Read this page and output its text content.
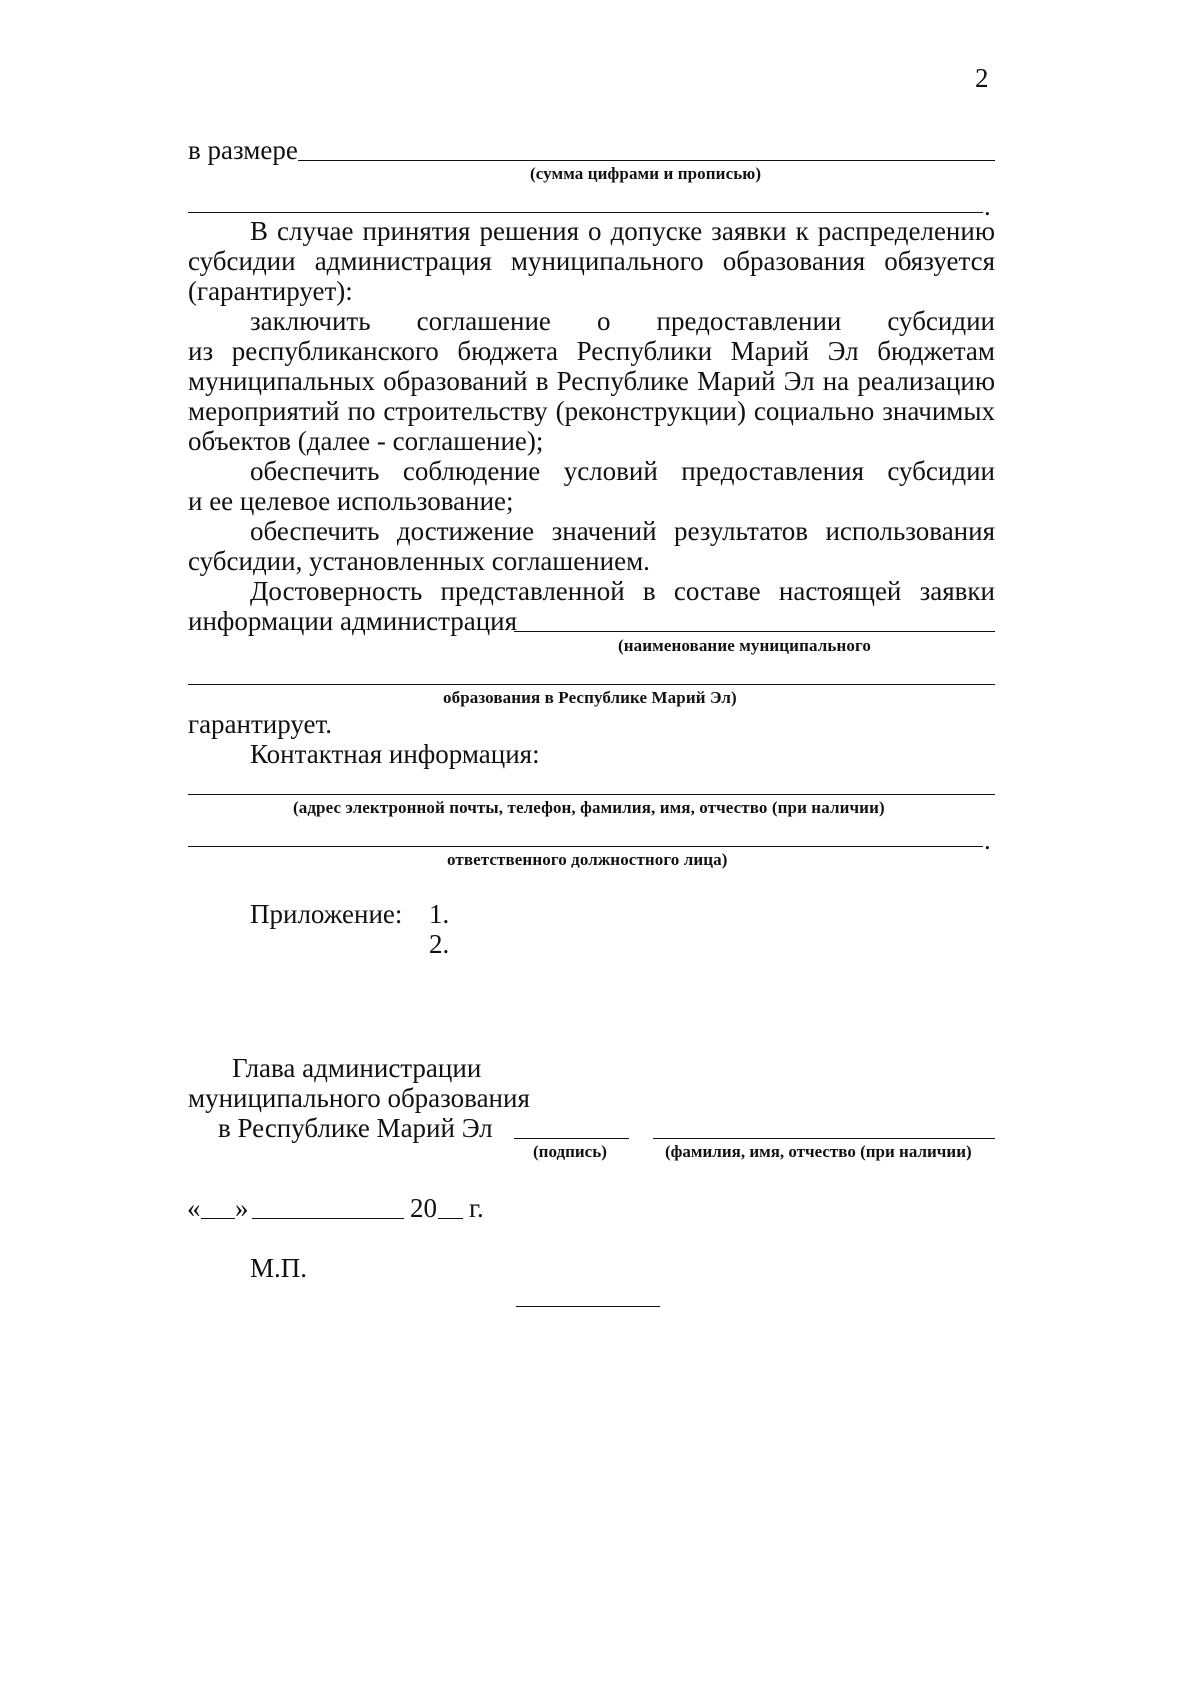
2
в размере
(сумма цифрами и прописью)
.
В случае принятия решения о допуске заявки к распределению
субсидии администрация муниципального образования обязуется
(гарантирует):
заключить соглашение о предоставлении субсидии
из республиканского бюджета Республики Марий Эл бюджетам
муниципальных образований в Республике Марий Эл на реализацию
мероприятий по строительству (реконструкции) социально значимых
объектов (далее - соглашение);
обеспечить соблюдение условий предоставления субсидии
и ее целевое использование;
обеспечить достижение значений результатов использования
субсидии, установленных соглашением.
Достоверность представленной в составе настоящей заявки
информации администрация
(наименование муниципального
образования в Республике Марий Эл)
гарантирует.
Контактная информация:
(адрес электронной почты, телефон, фамилия, имя, отчество (при наличии)
.
ответственного должностного лица)
Приложение: 1.
2.
Глава администрации
муниципального образования
в Республике Марий Эл
(подпись)	(фамилия, имя, отчество (при наличии)
« »	20 г.
М.П.
